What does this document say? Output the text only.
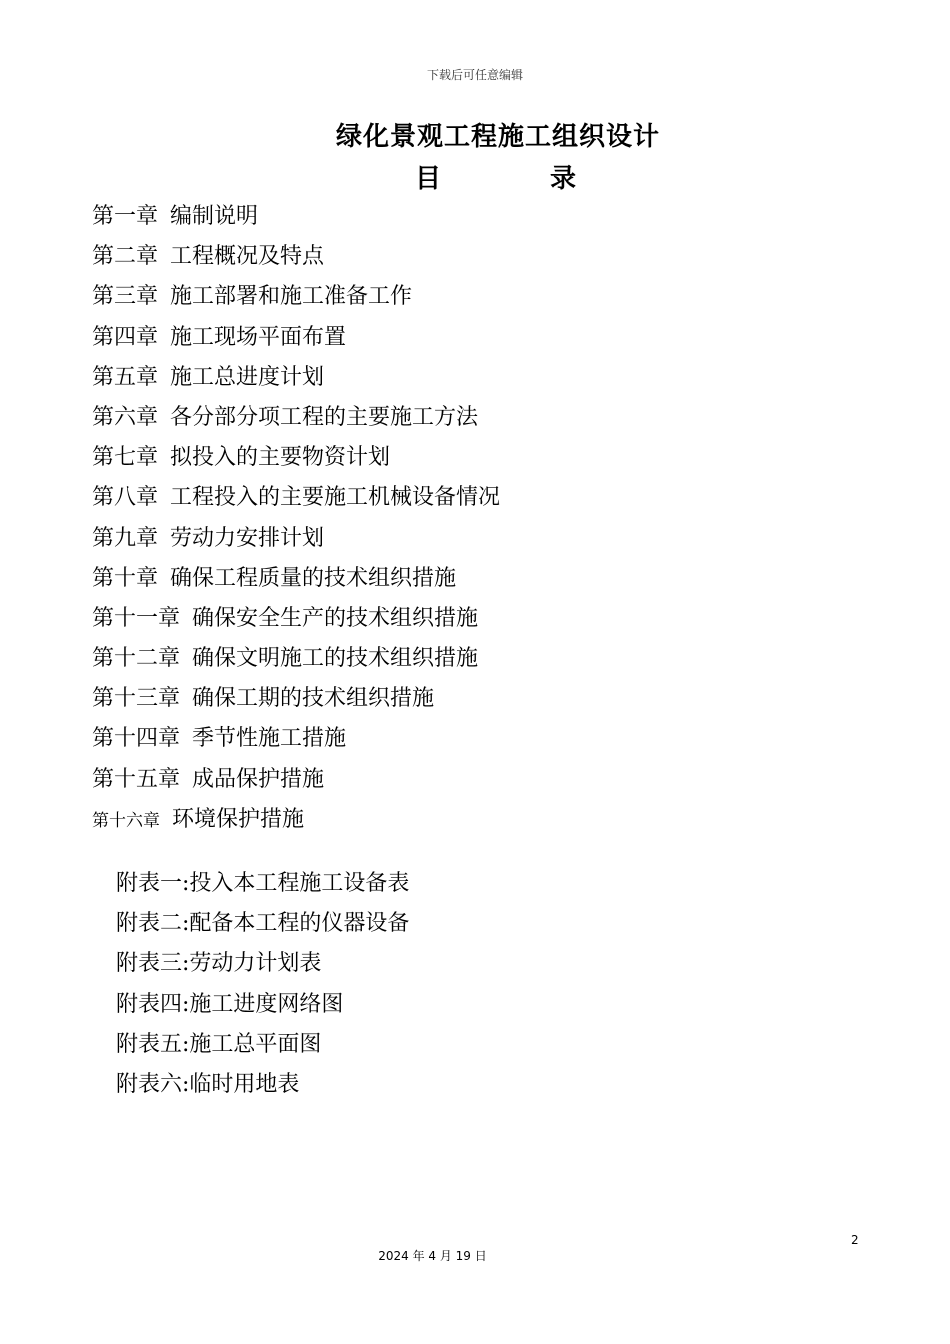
下载后可任意编辑
绿化景观工程施工组织设计
目	录
第一章 编制说明
第二章 工程概况及特点
第三章 施工部署和施工准备工作
第四章 施工现场平面布置
第五章 施工总进度计划
第六章 各分部分项工程的主要施工方法
第七章 拟投入的主要物资计划
第八章 工程投入的主要施工机械设备情况
第九章 劳动力安排计划
第十章 确保工程质量的技术组织措施
第十一章 确保安全生产的技术组织措施
第十二章 确保文明施工的技术组织措施
第十三章 确保工期的技术组织措施
第十四章 季节性施工措施
第十五章 成品保护措施
第十六章 环境保护措施
附表一:投入本工程施工设备表
附表二:配备本工程的仪器设备
附表三:劳动力计划表
附表四:施工进度网络图
附表五:施工总平面图
附表六:临时用地表
2
2024 年 4 月 19 日
